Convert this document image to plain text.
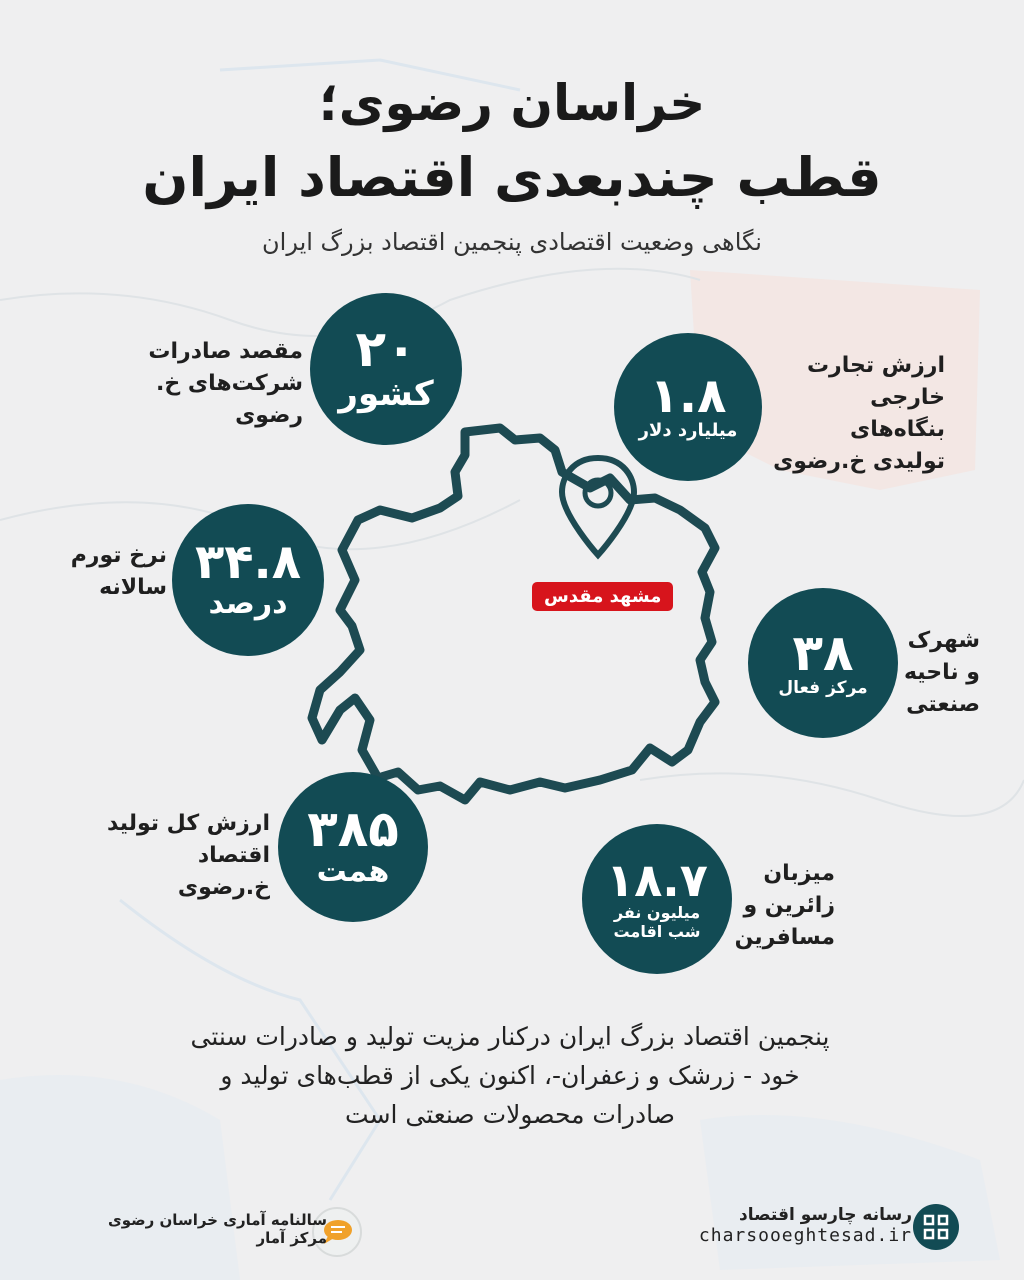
خراسان رضوی؛
قطب چندبعدی اقتصاد ایران
نگاهی وضعیت اقتصادی پنجمین اقتصاد بزرگ ایران
مشهد مقدس
۲۰
کشور
مقصد صادرات
شرکت‌های خ. رضوی	۱.۸
میلیارد دلار
ارزش تجارت
خارجی بنگاه‌های
تولیدی خ.رضوی
۳۴.۸
درصد
نرخ تورم
سالانه
۳۸
مرکز فعال
شهرک
و ناحیه
صنعتی
۳۸۵
همت
ارزش کل تولید
اقتصاد خ.رضوی	۱۸.۷
میلیون نفر
شب اقامت
میزبان
زائرین و
مسافرین
پنجمین اقتصاد بزرگ ایران درکنار مزیت تولید و صادرات سنتی خود - زرشک و زعفران-، اکنون یکی از قطب‌های تولید و صادرات محصولات صنعتی است
سالنامه آماری خراسان رضوی
مرکز آمار
رسانه چارسو اقتصاد
charsooeghtesad.ir
